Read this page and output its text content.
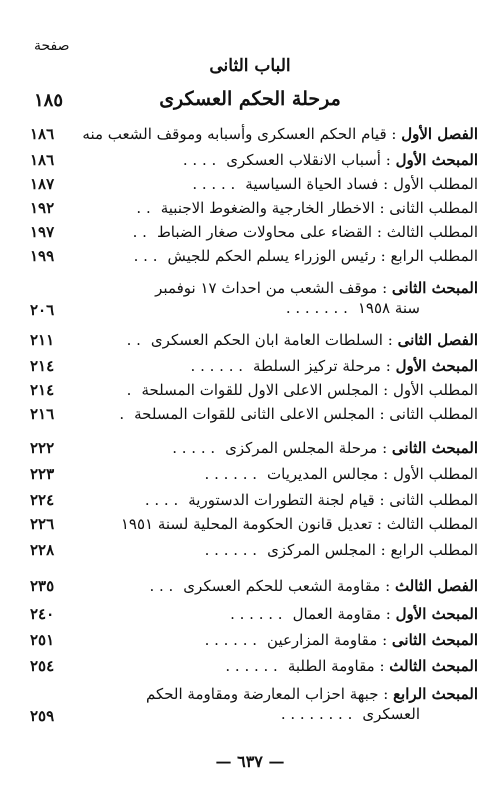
صفحة
الباب الثانى
مرحلة الحكم العسكرى
١٨٥
الفصل الأول : قيام الحكم العسكرى وأسبابه وموقف الشعب منه
١٨٦
المبحث الأول : أسباب الانقلاب العسكرى. . . .
١٨٦
المطلب الأول : فساد الحياة السياسية. . . . .
١٨٧
المطلب الثانى : الاخطار الخارجية والضغوط الاجنبية. .
١٩٢
المطلب الثالث : القضاء على محاولات صغار الضباط. .
١٩٧
المطلب الرابع : رئيس الوزراء يسلم الحكم للجيش. . .
١٩٩
المبحث الثانى : موقف الشعب من احداث ١٧ نوفمبر
سنة ١٩٥٨. . . . . . .
٢٠٦
الفصل الثانى : السلطات العامة ابان الحكم العسكرى. .
٢١١
المبحث الأول : مرحلة تركيز السلطة. . . . . .
٢١٤
المطلب الأول : المجلس الاعلى الاول للقوات المسلحة.
٢١٤
المطلب الثانى : المجلس الاعلى الثانى للقوات المسلحة.
٢١٦
المبحث الثانى : مرحلة المجلس المركزى. . . . .
٢٢٢
المطلب الأول : مجالس المديريات. . . . . .
٢٢٣
المطلب الثانى : قيام لجنة التطورات الدستورية. . . .
٢٢٤
المطلب الثالث : تعديل قانون الحكومة المحلية لسنة ١٩٥١
٢٢٦
المطلب الرابع : المجلس المركزى. . . . . .
٢٢٨
الفصل الثالث : مقاومة الشعب للحكم العسكرى. . .
٢٣٥
المبحث الأول : مقاومة العمال. . . . . .
٢٤٠
المبحث الثانى : مقاومة المزارعين. . . . . .
٢٥١
المبحث الثالث : مقاومة الطلبة. . . . . .
٢٥٤
المبحث الرابع : جبهة احزاب المعارضة ومقاومة الحكم
العسكرى. . . . . . . .
٢٥٩
— ٦٣٧ —
